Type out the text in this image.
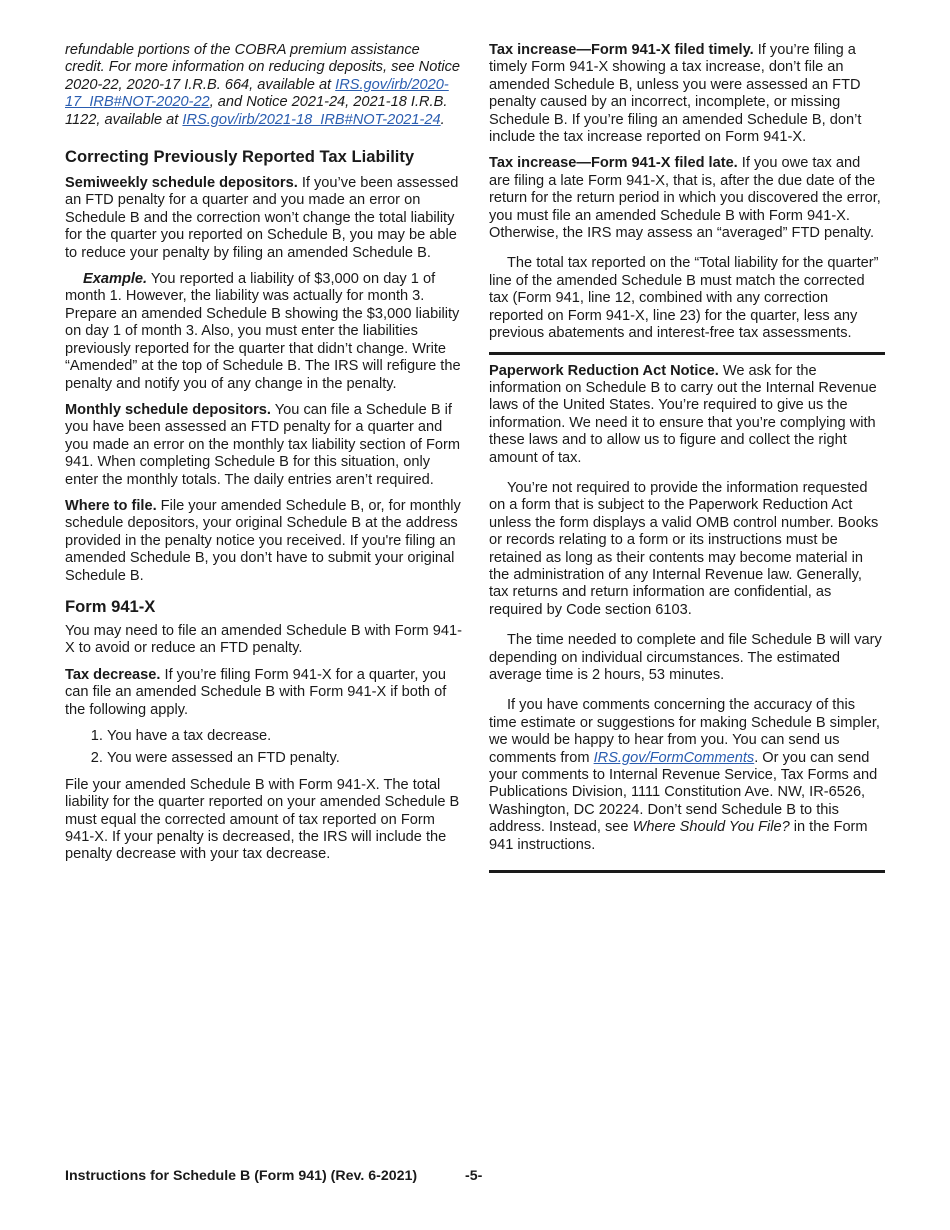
refundable portions of the COBRA premium assistance credit. For more information on reducing deposits, see Notice 2020-22, 2020-17 I.R.B. 664, available at IRS.gov/irb/2020-17_IRB#NOT-2020-22, and Notice 2021-24, 2021-18 I.R.B. 1122, available at IRS.gov/irb/2021-18_IRB#NOT-2021-24.

Correcting Previously Reported Tax Liability

Semiweekly schedule depositors. If you’ve been assessed an FTD penalty for a quarter and you made an error on Schedule B and the correction won’t change the total liability for the quarter you reported on Schedule B, you may be able to reduce your penalty by filing an amended Schedule B.

Example. You reported a liability of $3,000 on day 1 of month 1. However, the liability was actually for month 3. Prepare an amended Schedule B showing the $3,000 liability on day 1 of month 3. Also, you must enter the liabilities previously reported for the quarter that didn’t change. Write “Amended” at the top of Schedule B. The IRS will refigure the penalty and notify you of any change in the penalty.

Monthly schedule depositors. You can file a Schedule B if you have been assessed an FTD penalty for a quarter and you made an error on the monthly tax liability section of Form 941. When completing Schedule B for this situation, only enter the monthly totals. The daily entries aren’t required.

Where to file. File your amended Schedule B, or, for monthly schedule depositors, your original Schedule B at the address provided in the penalty notice you received. If you're filing an amended Schedule B, you don’t have to submit your original Schedule B.

Form 941-X

You may need to file an amended Schedule B with Form 941-X to avoid or reduce an FTD penalty.

Tax decrease. If you’re filing Form 941-X for a quarter, you can file an amended Schedule B with Form 941-X if both of the following apply.

1. You have a tax decrease.
2. You were assessed an FTD penalty.

File your amended Schedule B with Form 941-X. The total liability for the quarter reported on your amended Schedule B must equal the corrected amount of tax reported on Form 941-X. If your penalty is decreased, the IRS will include the penalty decrease with your tax decrease.

Tax increase—Form 941-X filed timely. If you’re filing a timely Form 941-X showing a tax increase, don’t file an amended Schedule B, unless you were assessed an FTD penalty caused by an incorrect, incomplete, or missing Schedule B. If you’re filing an amended Schedule B, don’t include the tax increase reported on Form 941-X.

Tax increase—Form 941-X filed late. If you owe tax and are filing a late Form 941-X, that is, after the due date of the return for the return period in which you discovered the error, you must file an amended Schedule B with Form 941-X. Otherwise, the IRS may assess an “averaged” FTD penalty.

The total tax reported on the “Total liability for the quarter” line of the amended Schedule B must match the corrected tax (Form 941, line 12, combined with any correction reported on Form 941-X, line 23) for the quarter, less any previous abatements and interest-free tax assessments.

Paperwork Reduction Act Notice. We ask for the information on Schedule B to carry out the Internal Revenue laws of the United States. You’re required to give us the information. We need it to ensure that you’re complying with these laws and to allow us to figure and collect the right amount of tax.

You’re not required to provide the information requested on a form that is subject to the Paperwork Reduction Act unless the form displays a valid OMB control number. Books or records relating to a form or its instructions must be retained as long as their contents may become material in the administration of any Internal Revenue law. Generally, tax returns and return information are confidential, as required by Code section 6103.

The time needed to complete and file Schedule B will vary depending on individual circumstances. The estimated average time is 2 hours, 53 minutes.

If you have comments concerning the accuracy of this time estimate or suggestions for making Schedule B simpler, we would be happy to hear from you. You can send us comments from IRS.gov/FormComments. Or you can send your comments to Internal Revenue Service, Tax Forms and Publications Division, 1111 Constitution Ave. NW, IR-6526, Washington, DC 20224. Don’t send Schedule B to this address. Instead, see Where Should You File? in the Form 941 instructions.

Instructions for Schedule B (Form 941) (Rev. 6-2021)	-5-
